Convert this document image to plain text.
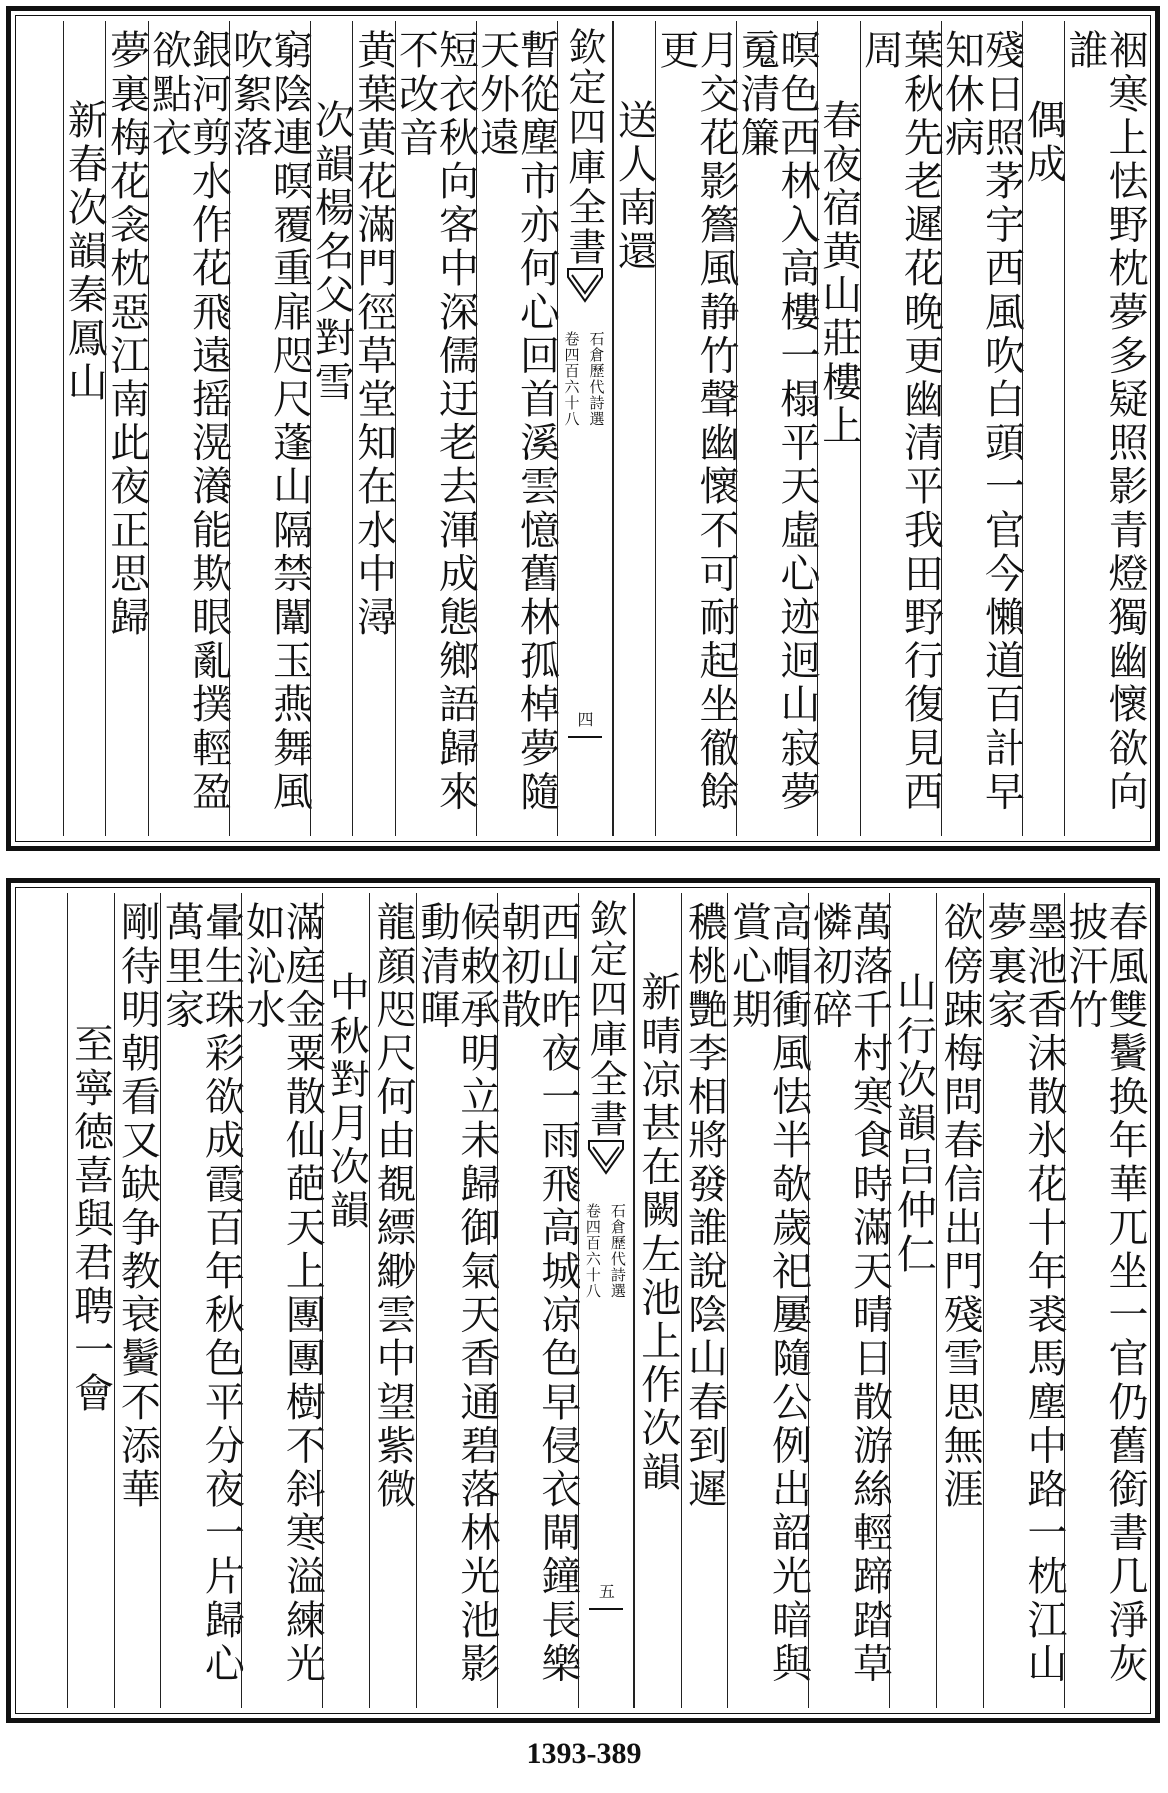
裀寒上怯野枕夢多疑照影青燈獨幽懷欲向誰
偶成
殘日照茅宇西風吹白頭一官今懶道百計早知休病
葉秋先老遲花晚更幽清平我田野行復見西周
春夜宿黄山莊樓上
暝色西林入高樓一榻平天虛心迹迥山寂夢䰟清簾
月交花影簷風静竹聲幽懷不可耐起坐徹餘更
送人南還
欽定四庫全書
石倉歷代詩選
卷四百六十八
四
暫從塵市亦何心回首溪雲憶舊林孤棹夢隨天外遠
短衣秋向客中深儒迂老去渾成態鄉語歸來不改音
黄葉黄花滿門徑草堂知在水中潯
次韻楊名父對雪
窮陰連暝覆重扉咫尺蓬山隔禁闈玉燕舞風吹絮落
銀河剪水作花飛遠摇滉瀁能欺眼亂撲輕盈欲點衣
夢裏梅花衾枕惡江南此夜正思歸
新春次韻秦鳳山
春風雙鬢换年華兀坐一官仍舊銜書几淨灰披汗竹
墨池香沫散氷花十年裘馬塵中路一枕江山夢裏家
欲傍踈梅問春信出門殘雪思無涯
山行次韻吕仲仁
萬落千村寒食時滿天晴日散游絲輕蹄踏草憐初碎
高帽衝風怯半欹歲祀屢隨公例出韶光暗與賞心期
穠桃艷李相將發誰說陰山春到遲
新晴凉甚在闕左池上作次韻
欽定四庫全書
石倉歷代詩選
卷四百六十八
五
西山昨夜一雨飛高城凉色早侵衣閘鐘長樂朝初散
候敕承明立未歸御氣天香通碧落林光池影動清暉
龍顔咫尺何由覩縹緲雲中望紫微
中秋對月次韻
滿庭金粟散仙葩天上團團樹不斜寒溢練光如沁水
暈生珠彩欲成霞百年秋色平分夜一片歸心萬里家
剛待明朝看又缺争教衰鬢不添華
至寧徳喜與君聘一會
1393-389
